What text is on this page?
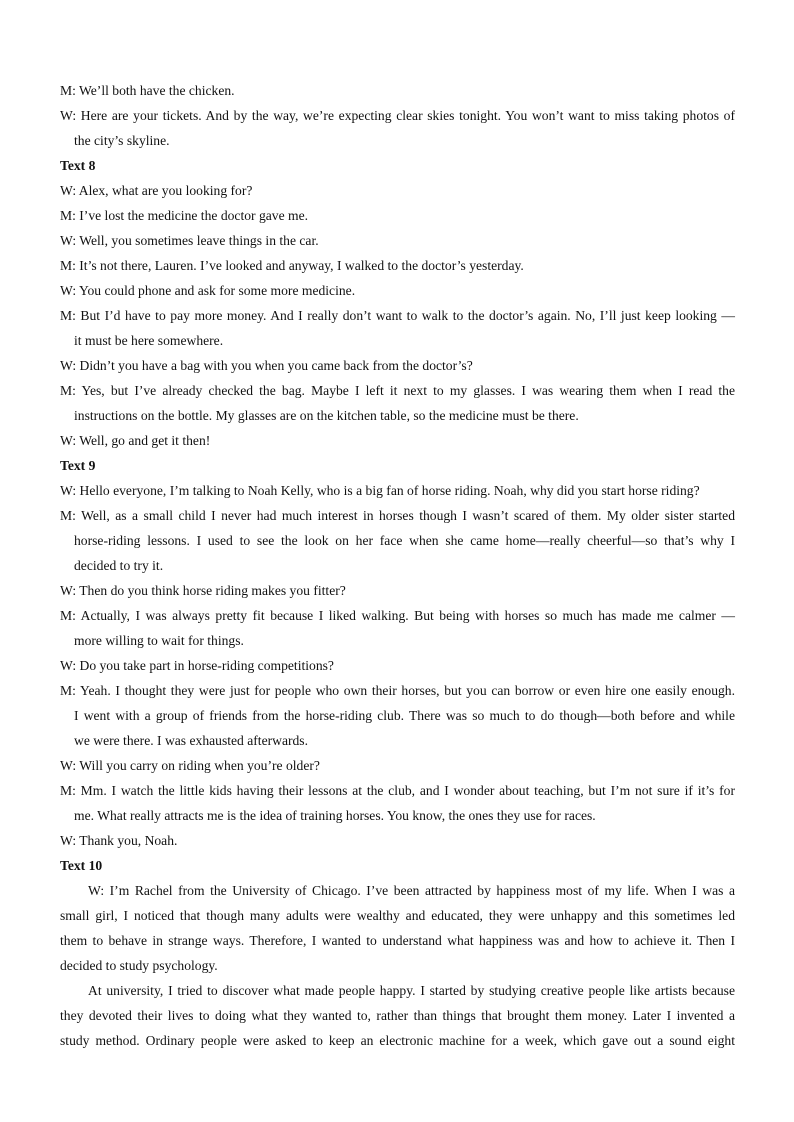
M: We’ll both have the chicken.
W: Here are your tickets. And by the way, we’re expecting clear skies tonight. You won’t want to miss taking photos of
the city’s skyline.
Text 8
W: Alex, what are you looking for?
M: I’ve lost the medicine the doctor gave me.
W: Well, you sometimes leave things in the car.
M: It’s not there, Lauren. I’ve looked and anyway, I walked to the doctor’s yesterday.
W: You could phone and ask for some more medicine.
M: But I’d have to pay more money. And I really don’t want to walk to the doctor’s again. No, I’ll just keep looking —
it must be here somewhere.
W: Didn’t you have a bag with you when you came back from the doctor’s?
M: Yes, but I’ve already checked the bag. Maybe I left it next to my glasses. I was wearing them when I read the
instructions on the bottle. My glasses are on the kitchen table, so the medicine must be there.
W: Well, go and get it then!
Text 9
W: Hello everyone, I’m talking to Noah Kelly, who is a big fan of horse riding. Noah, why did you start horse riding?
M: Well, as a small child I never had much interest in horses though I wasn’t scared of them. My older sister started
horse-riding lessons. I used to see the look on her face when she came home—really cheerful—so that’s why I
decided to try it.
W: Then do you think horse riding makes you fitter?
M: Actually, I was always pretty fit because I liked walking. But being with horses so much has made me calmer —
more willing to wait for things.
W: Do you take part in horse-riding competitions?
M: Yeah. I thought they were just for people who own their horses, but you can borrow or even hire one easily enough.
I went with a group of friends from the horse-riding club. There was so much to do though—both before and while
we were there. I was exhausted afterwards.
W: Will you carry on riding when you’re older?
M: Mm. I watch the little kids having their lessons at the club, and I wonder about teaching, but I’m not sure if it’s for
me. What really attracts me is the idea of training horses. You know, the ones they use for races.
W: Thank you, Noah.
Text 10
W: I’m Rachel from the University of Chicago. I’ve been attracted by happiness most of my life. When I was a
small girl, I noticed that though many adults were wealthy and educated, they were unhappy and this sometimes led
them to behave in strange ways. Therefore, I wanted to understand what happiness was and how to achieve it. Then I
decided to study psychology.
At university, I tried to discover what made people happy. I started by studying creative people like artists because
they devoted their lives to doing what they wanted to, rather than things that brought them money. Later I invented a
study method. Ordinary people were asked to keep an electronic machine for a week, which gave out a sound eight
